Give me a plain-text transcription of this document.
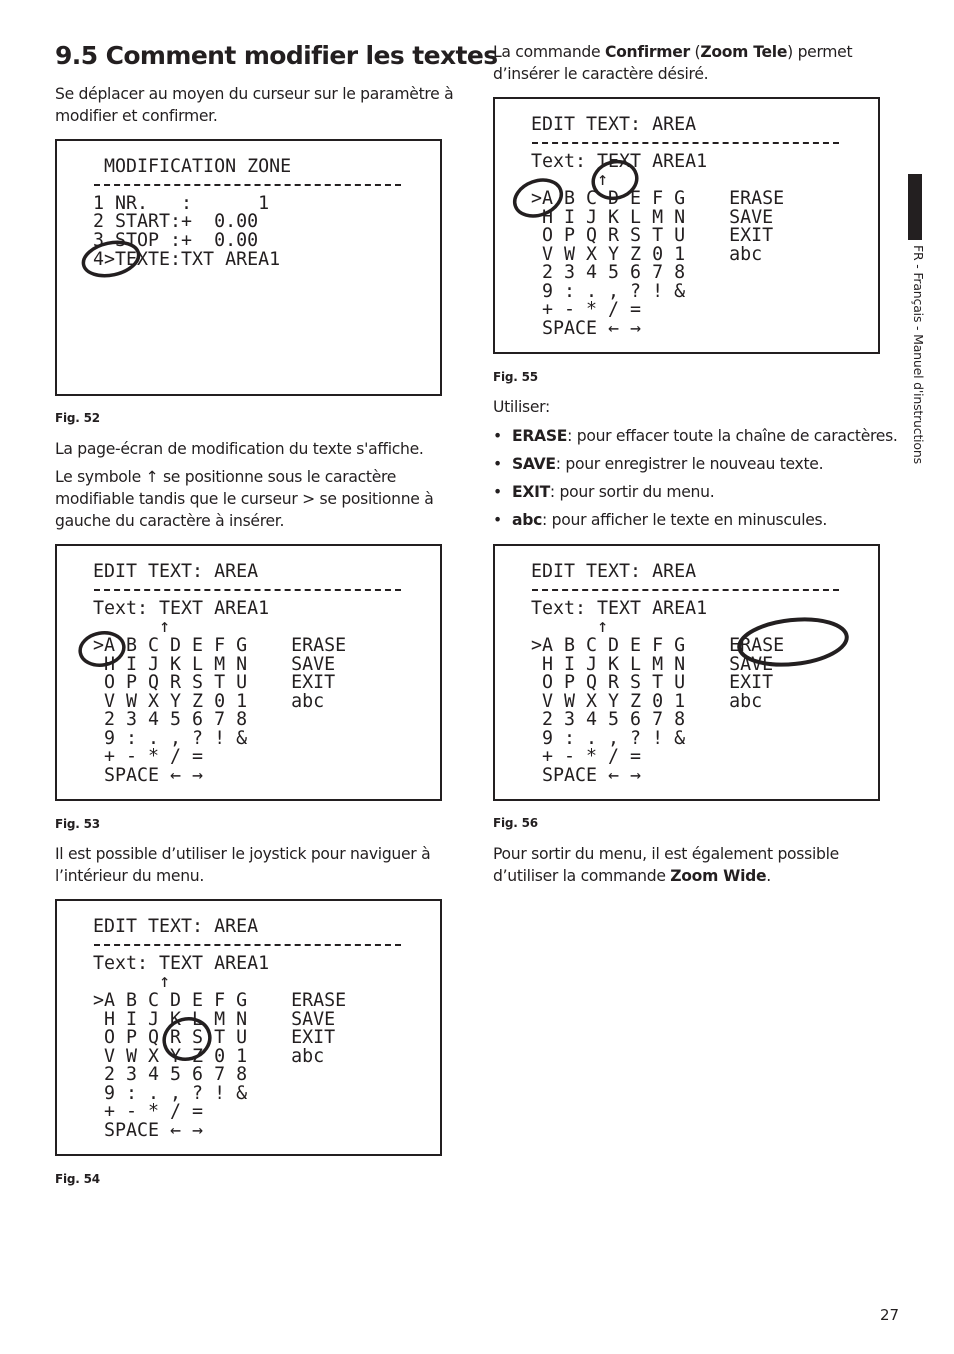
9.5 Comment modifier les textes

Se déplacer au moyen du curseur sur le paramètre à modifier et confirmer.

MODIFICATION ZONE
1 NR.   :      1
2 START:+  0.00
3 STOP :+  0.00
4>TEXTE:TXT AREA1

Fig. 52

La page-écran de modification du texte s'affiche.

Le symbole ↑ se positionne sous le caractère modifiable tandis que le curseur > se positionne à gauche du caractère à insérer.

EDIT TEXT: AREA
Text: TEXT AREA1
↑
>A B C D E F G    ERASE
H I J K L M N    SAVE
O P Q R S T U    EXIT
V W X Y Z 0 1    abc
2 3 4 5 6 7 8
9 : . , ? ! &
+ - * / =
SPACE ← →

Fig. 53

Il est possible d’utiliser le joystick pour naviguer à l’intérieur du menu.

EDIT TEXT: AREA
Text: TEXT AREA1
↑
>A B C D E F G    ERASE
H I J K L M N    SAVE
O P Q R S T U    EXIT
V W X Y Z 0 1    abc
2 3 4 5 6 7 8
9 : . , ? ! &
+ - * / =
SPACE ← →

Fig. 54

La commande Confirmer (Zoom Tele) permet d’insérer le caractère désiré.

EDIT TEXT: AREA
Text: TEXT AREA1
↑
>A B C D E F G    ERASE
H I J K L M N    SAVE
O P Q R S T U    EXIT
V W X Y Z 0 1    abc
2 3 4 5 6 7 8
9 : . , ? ! &
+ - * / =
SPACE ← →

Fig. 55

Utiliser:

• ERASE: pour effacer toute la chaîne de caractères.
• SAVE: pour enregistrer le nouveau texte.
• EXIT: pour sortir du menu.
• abc: pour afficher le texte en minuscules.
EDIT TEXT: AREA
Text: TEXT AREA1
↑
>A B C D E F G    ERASE
H I J K L M N    SAVE
O P Q R S T U    EXIT
V W X Y Z 0 1    abc
2 3 4 5 6 7 8
9 : . , ? ! &
+ - * / =
SPACE ← →

Fig. 56

Pour sortir du menu, il est également possible d’utiliser la commande Zoom Wide.

FR - Français - Manuel d'instructions
27
